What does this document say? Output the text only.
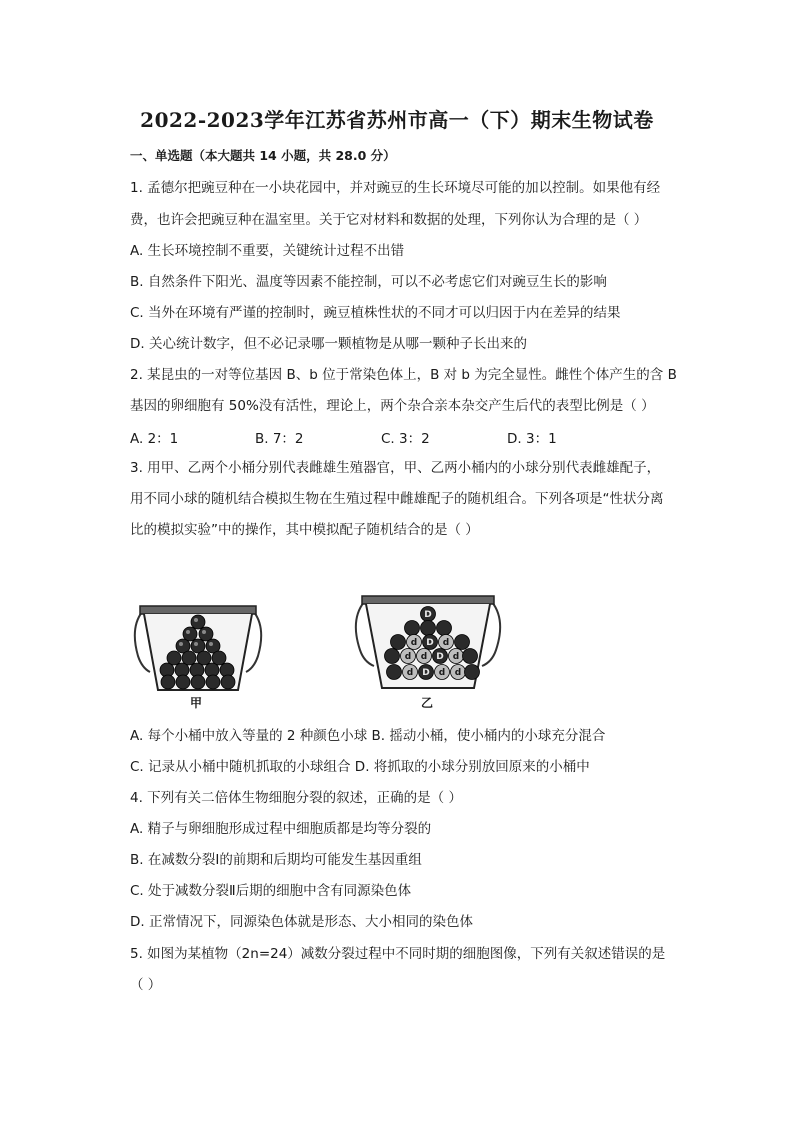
2022-2023学年江苏省苏州市高一（下）期末生物试卷
一、单选题（本大题共 14 小题，共 28.0 分）
1. 孟德尔把豌豆种在一小块花园中，并对豌豆的生长环境尽可能的加以控制。如果他有经
费，也许会把豌豆种在温室里。关于它对材料和数据的处理，下列你认为合理的是（ ）
A. 生长环境控制不重要，关键统计过程不出错
B. 自然条件下阳光、温度等因素不能控制，可以不必考虑它们对豌豆生长的影响
C. 当外在环境有严谨的控制时，豌豆植株性状的不同才可以归因于内在差异的结果
D. 关心统计数字，但不必记录哪一颗植物是从哪一颗种子长出来的
2. 某昆虫的一对等位基因 B、b 位于常染色体上，B 对 b 为完全显性。雌性个体产生的含 B
基因的卵细胞有 50%没有活性，理论上，两个杂合亲本杂交产生后代的表型比例是（ ）
A. 2：1	B. 7：2	C. 3：2	D. 3：1
3. 用甲、乙两个小桶分别代表雌雄生殖器官，甲、乙两小桶内的小球分别代表雌雄配子，
用不同小球的随机结合模拟生物在生殖过程中雌雄配子的随机组合。下列各项是“性状分离
比的模拟实验”中的操作，其中模拟配子随机结合的是（ ）
甲
d	d
d d	d
d	d d
D
D
D
D
乙
A. 每个小桶中放入等量的 2 种颜色小球 B. 摇动小桶，使小桶内的小球充分混合
C. 记录从小桶中随机抓取的小球组合 D. 将抓取的小球分别放回原来的小桶中
4. 下列有关二倍体生物细胞分裂的叙述，正确的是（ ）
A. 精子与卵细胞形成过程中细胞质都是均等分裂的
B. 在减数分裂Ⅰ的前期和后期均可能发生基因重组
C. 处于减数分裂Ⅱ后期的细胞中含有同源染色体
D. 正常情况下，同源染色体就是形态、大小相同的染色体
5. 如图为某植物（2n=24）减数分裂过程中不同时期的细胞图像，下列有关叙述错误的是
（ ）
